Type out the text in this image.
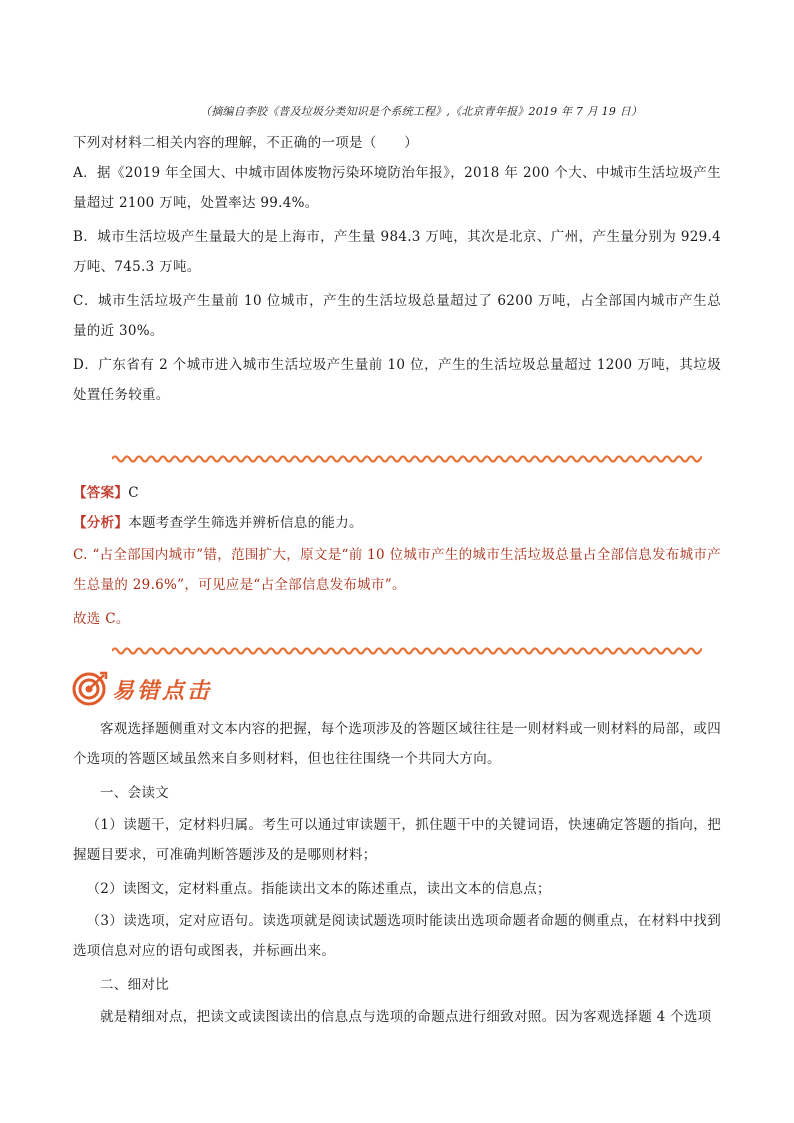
（摘编自李胶《普及垃圾分类知识是个系统工程》,《北京青年报》2019 年 7 月 19 日）

下列对材料二相关内容的理解，不正确的一项是（　　）

A．据《2019 年全国大、中城市固体废物污染环境防治年报》，2018 年 200 个大、中城市生活垃圾产生量超过 2100 万吨，处置率达 99.4%。

B．城市生活垃圾产生量最大的是上海市，产生量 984.3 万吨，其次是北京、广州，产生量分别为 929.4 万吨、745.3 万吨。

C．城市生活垃圾产生量前 10 位城市，产生的生活垃圾总量超过了 6200 万吨，占全部国内城市产生总量的近 30%。

D．广东省有 2 个城市进入城市生活垃圾产生量前 10 位，产生的生活垃圾总量超过 1200 万吨，其垃圾处置任务较重。

【答案】C

【分析】本题考查学生筛选并辨析信息的能力。

C. “占全部国内城市”错，范围扩大，原文是“前 10 位城市产生的城市生活垃圾总量占全部信息发布城市产生总量的 29.6%”，可见应是“占全部信息发布城市”。

故选 C。

易错点击

客观选择题侧重对文本内容的把握，每个选项涉及的答题区域往往是一则材料或一则材料的局部，或四个选项的答题区域虽然来自多则材料，但也往往围绕一个共同大方向。

一、会读文

（1）读题干，定材料归属。考生可以通过审读题干，抓住题干中的关键词语，快速确定答题的指向，把握题目要求，可准确判断答题涉及的是哪则材料；

（2）读图文，定材料重点。指能读出文本的陈述重点，读出文本的信息点；

（3）读选项，定对应语句。读选项就是阅读试题选项时能读出选项命题者命题的侧重点，在材料中找到选项信息对应的语句或图表，并标画出来。

二、细对比

就是精细对点，把读文或读图读出的信息点与选项的命题点进行细致对照。因为客观选择题 4 个选项
